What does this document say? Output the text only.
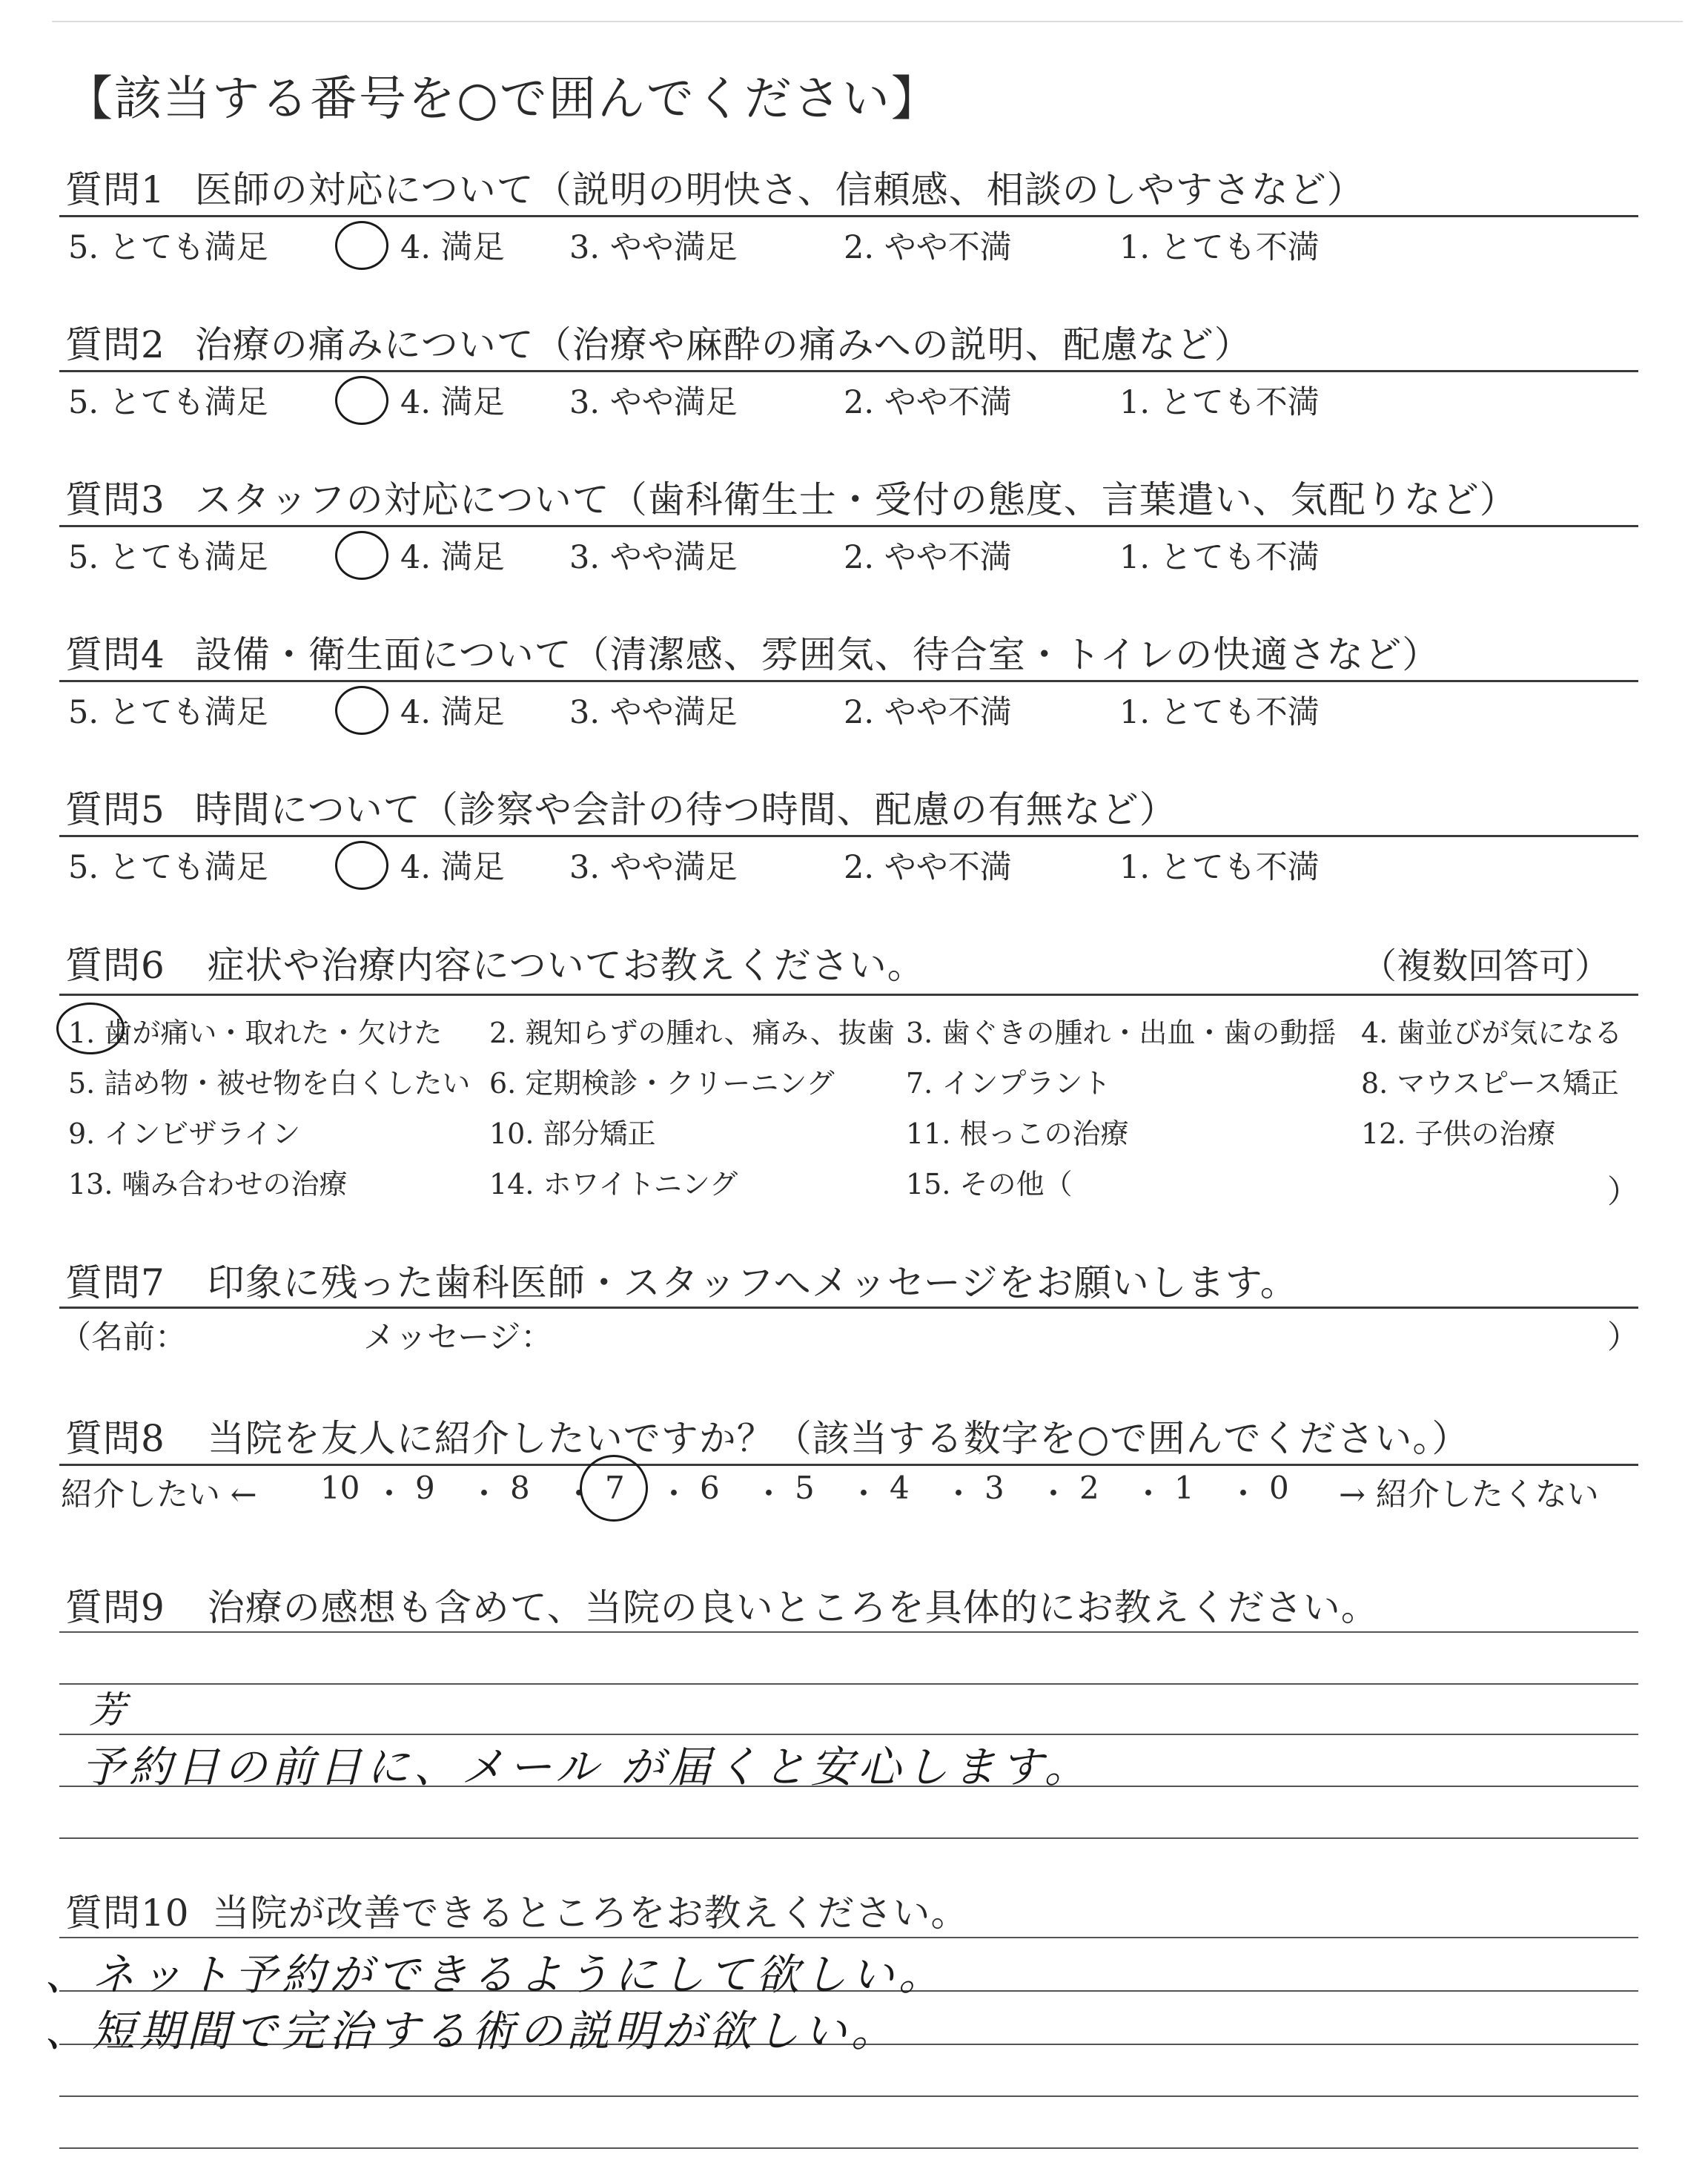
【該当する番号を○で囲んでください】
質問1 医師の対応について（説明の明快さ、信頼感、相談のしやすさなど）
5. とても満足	4. 満足 3. やや満足	2. やや不満	1. とても不満
質問2 治療の痛みについて（治療や麻酔の痛みへの説明、配慮など）
5. とても満足	4. 満足 3. やや満足	2. やや不満	1. とても不満
質問3 スタッフの対応について（歯科衛生士・受付の態度、言葉遣い、気配りなど）
5. とても満足	4. 満足 3. やや満足	2. やや不満	1. とても不満
質問4 設備・衛生面について（清潔感、雰囲気、待合室・トイレの快適さなど）
5. とても満足	4. 満足 3. やや満足	2. やや不満	1. とても不満
質問5 時間について（診察や会計の待つ時間、配慮の有無など）
5. とても満足	4. 満足 3. やや満足	2. やや不満	1. とても不満
質問6 症状や治療内容についてお教えください。	（複数回答可）
1. 歯が痛い・取れた・欠けた 2. 親知らずの腫れ、痛み、抜歯 3. 歯ぐきの腫れ・出血・歯の動揺 4. 歯並びが気になる
5. 詰め物・被せ物を白くしたい 6. 定期検診・クリーニング	7. インプラント	8. マウスピース矯正
9. インビザライン	10. 部分矯正	11. 根っこの治療	12. 子供の治療
13. 噛み合わせの治療	14. ホワイトニング	15. その他（	）
質問7 印象に残った歯科医師・スタッフへメッセージをお願いします。
（名前：	メッセージ：	）
質問8 当院を友人に紹介したいですか？（該当する数字を○で囲んでください。）
紹介したい ←	→ 紹介したくない
10 ・ 9 ・ 8 ・ 7 ・ 6 ・ 5 ・ 4 ・ 3 ・ 2 ・ 1 ・ 0
質問9 治療の感想も含めて、当院の良いところを具体的にお教えください。
芳
予約日の前日に、メール が届くと安心します。
質問10 当院が改善できるところをお教えください。
、ネット予約ができるようにして欲しい。
、短期間で完治する術の説明が欲しい。
